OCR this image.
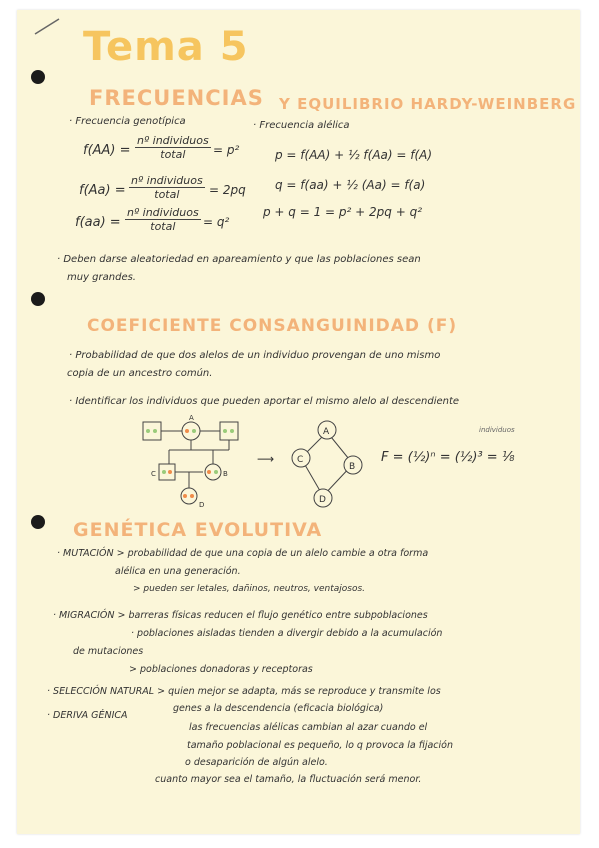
Tema 5
FRECUENCIAS Y EQUILIBRIO HARDY-WEINBERG
· Frecuencia genotípica	· Frecuencia alélica
f(AA) =
nº individuos
total	= p²
f(Aa) =
nº individuos
total	= 2pq
f(aa) =
nº individuos
total	= q²
p = f(AA) + ½ f(Aa) = f(A)
q = f(aa) + ½ (Aa) = f(a)
p + q = 1 = p² + 2pq + q²
· Deben darse aleatoriedad en apareamiento y que las poblaciones sean
muy grandes.
COEFICIENTE CONSANGUINIDAD (F)
· Probabilidad de que dos alelos de un individuo provengan de uno mismo
copia de un ancestro común.
· Identificar los individuos que pueden aportar el mismo alelo al descendiente
A
B
C
D
⟶
A
C
B
D
F = (½)ⁿ = (½)³ = ⅛
individuos
GENÉTICA EVOLUTIVA
· MUTACIÓN > probabilidad de que una copia de un alelo cambie a otra forma
alélica en una generación.
> pueden ser letales, dañinos, neutros, ventajosos.
· MIGRACIÓN > barreras físicas reducen el flujo genético entre subpoblaciones
· poblaciones aisladas tienden a divergir debido a la acumulación
de mutaciones
> poblaciones donadoras y receptoras
· SELECCIÓN NATURAL > quien mejor se adapta, más se reproduce y transmite los
genes a la descendencia (eficacia biológica)
· DERIVA GÉNICA
las frecuencias alélicas cambian al azar cuando el
tamaño poblacional es pequeño, lo q provoca la fijación
o desaparición de algún alelo.
cuanto mayor sea el tamaño, la fluctuación será menor.
